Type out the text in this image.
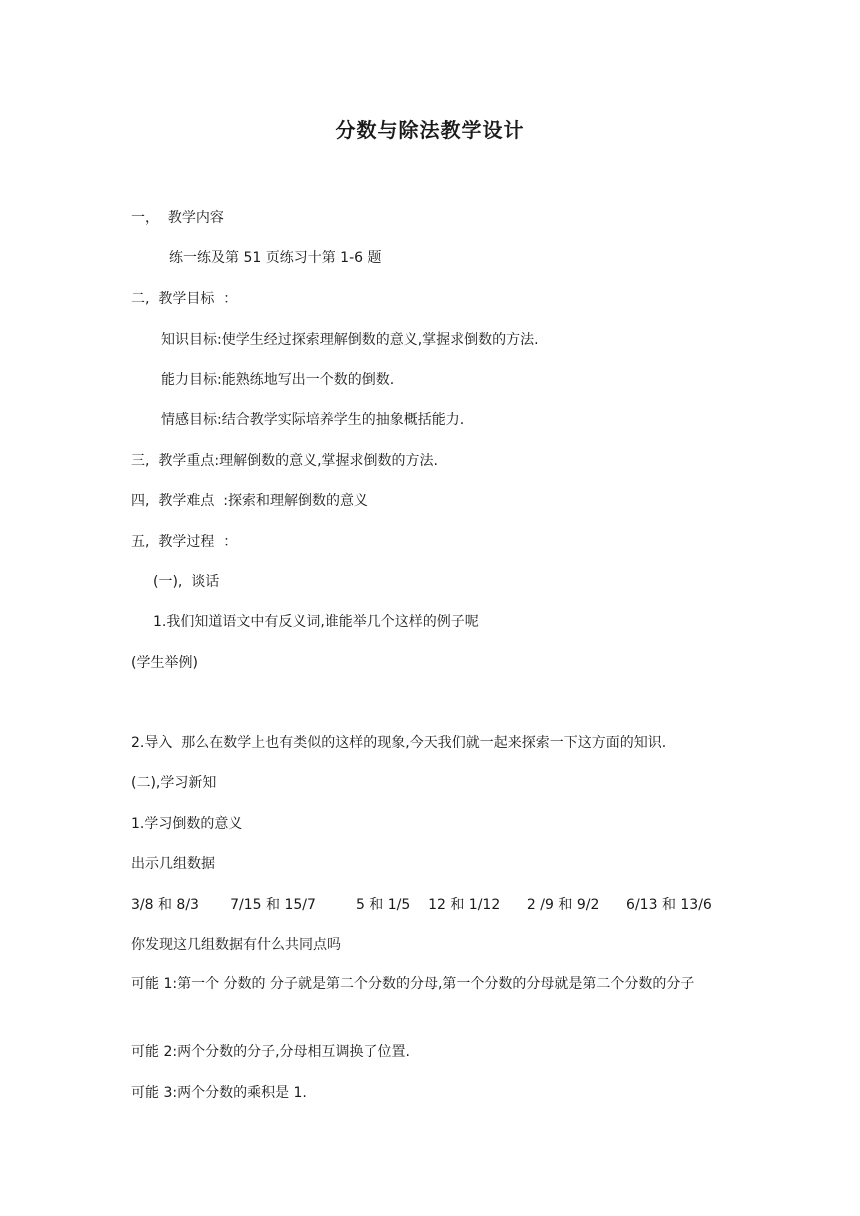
分数与除法教学设计
一，  教学内容
练一练及第 51 页练习十第 1-6 题
二,  教学目标  ：
知识目标:使学生经过探索理解倒数的意义,掌握求倒数的方法.
能力目标:能熟练地写出一个数的倒数.
情感目标:结合教学实际培养学生的抽象概括能力.
三,  教学重点:理解倒数的意义,掌握求倒数的方法.
四,  教学难点  :探索和理解倒数的意义
五,  教学过程  ：
(一),  谈话
1.我们知道语文中有反义词,谁能举几个这样的例子呢
(学生举例)
2.导入  那么在数学上也有类似的这样的现象,今天我们就一起来探索一下这方面的知识.
(二),学习新知
1.学习倒数的意义
出示几组数据
3/8 和 8/3       7/15 和 15/7         5 和 1/5    12 和 1/12      2 /9 和 9/2      6/13 和 13/6
你发现这几组数据有什么共同点吗
可能 1:第一个 分数的 分子就是第二个分数的分母,第一个分数的分母就是第二个分数的分子
可能 2:两个分数的分子,分母相互调换了位置.
可能 3:两个分数的乘积是 1.
